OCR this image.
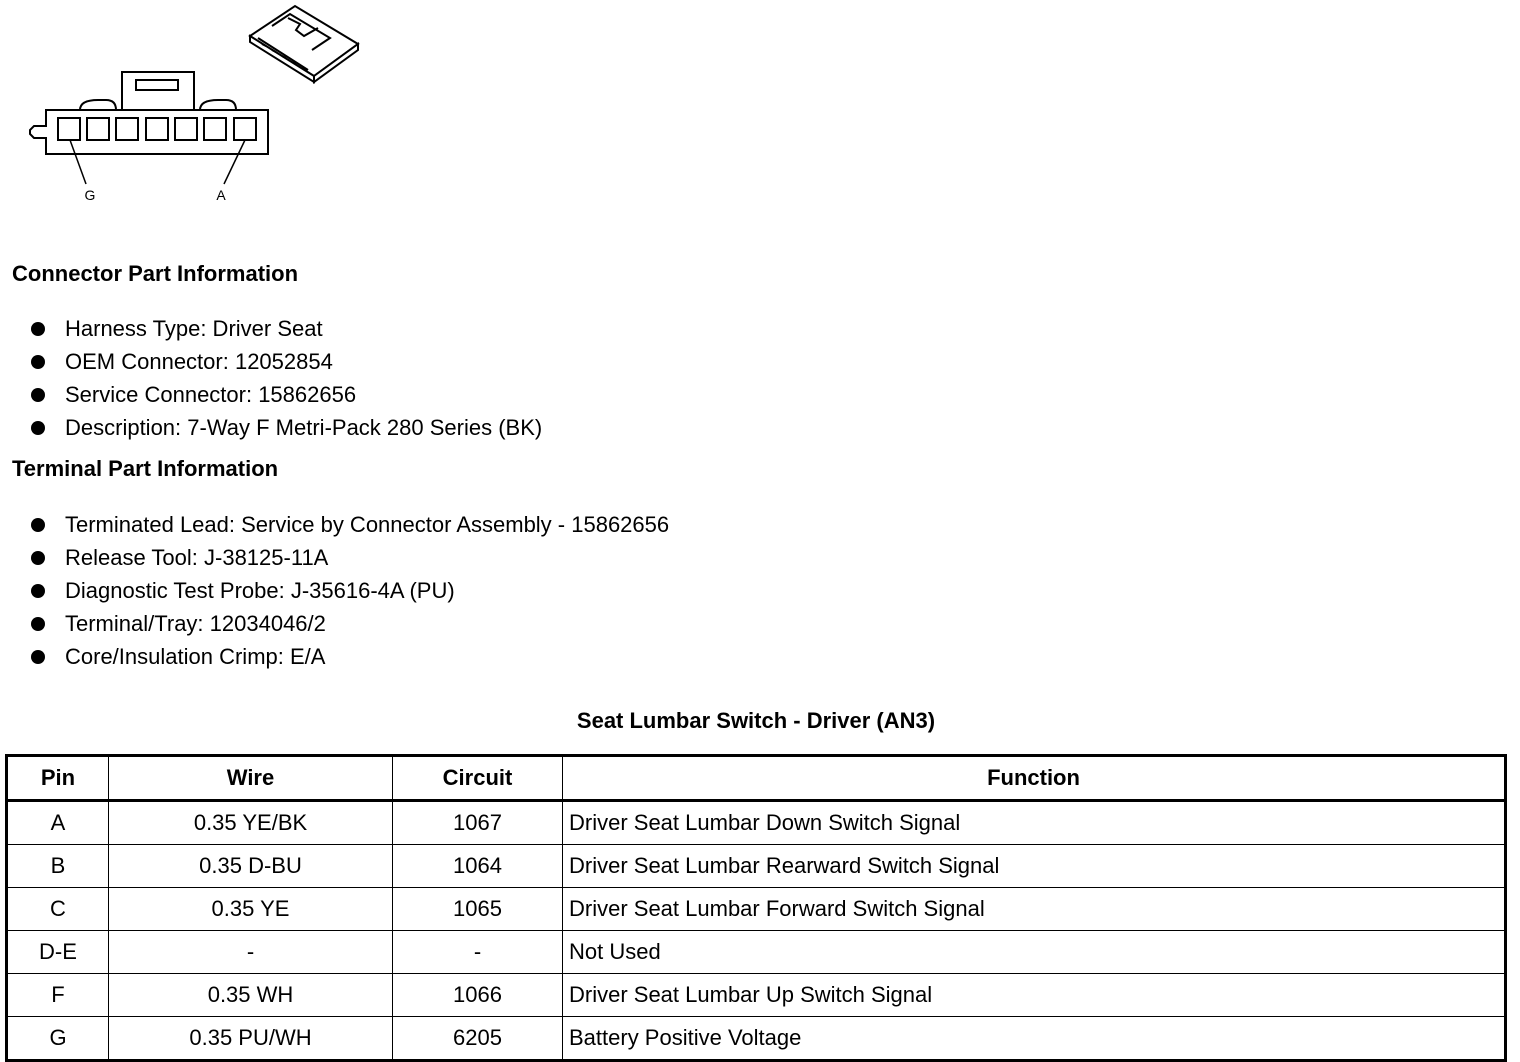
G	A
Connector Part Information
Harness Type: Driver Seat
OEM Connector: 12052854
Service Connector: 15862656
Description: 7-Way F Metri-Pack 280 Series (BK)
Terminal Part Information
Terminated Lead: Service by Connector Assembly - 15862656
Release Tool: J-38125-11A
Diagnostic Test Probe: J-35616-4A (PU)
Terminal/Tray: 12034046/2
Core/Insulation Crimp: E/A
Seat Lumbar Switch - Driver (AN3)
Pin	Wire	Circuit	Function
A	0.35 YE/BK	1067	Driver Seat Lumbar Down Switch Signal
B	0.35 D-BU	1064	Driver Seat Lumbar Rearward Switch Signal
C	0.35 YE	1065	Driver Seat Lumbar Forward Switch Signal
D-E	-	-	Not Used
F	0.35 WH	1066	Driver Seat Lumbar Up Switch Signal
G	0.35 PU/WH	6205	Battery Positive Voltage
